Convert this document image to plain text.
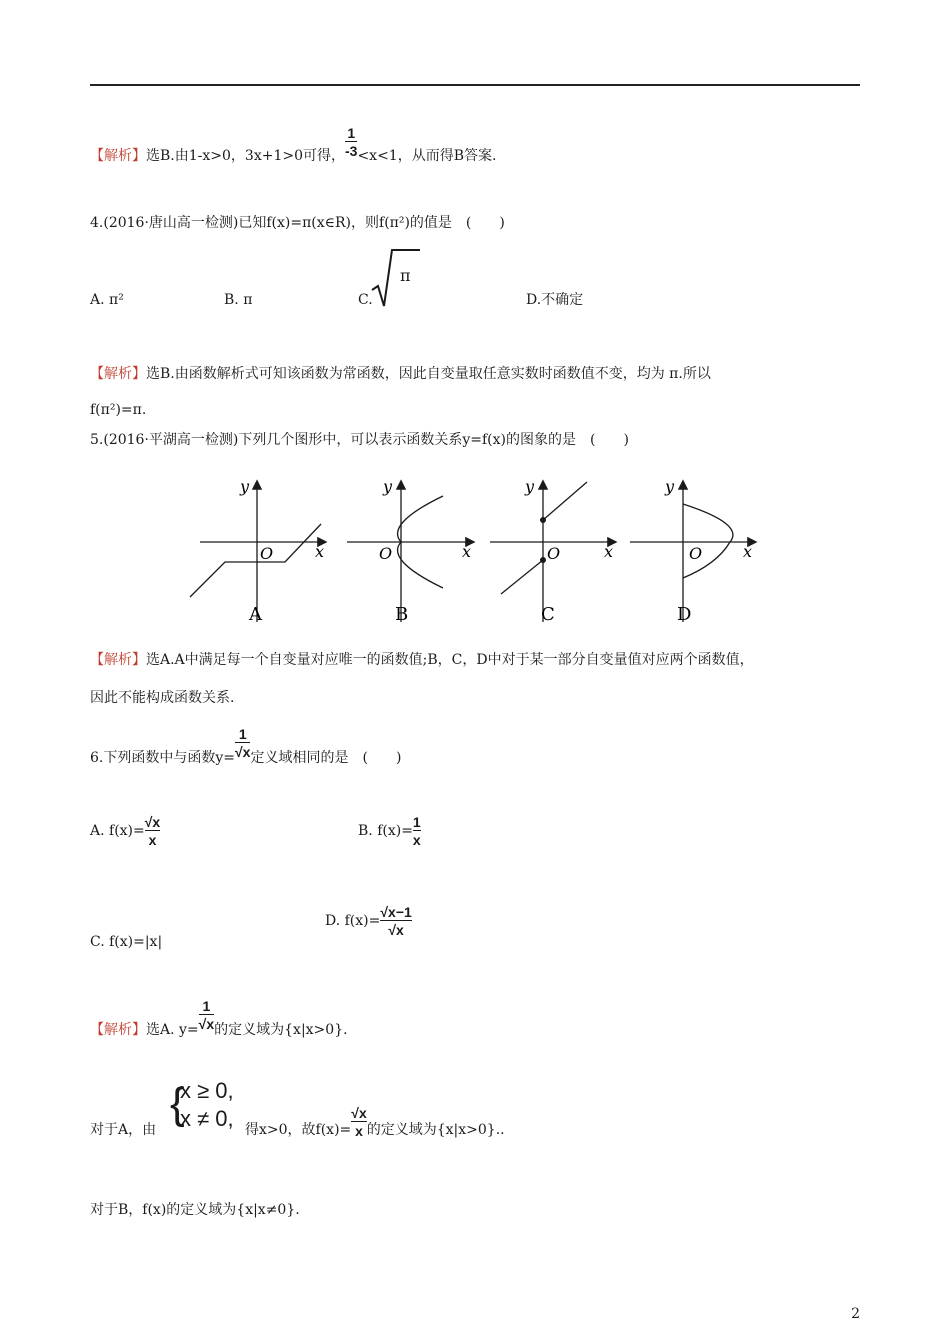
【解析】选B.由1-x>0，3x+1>0可得， $\frac{1}{-3} <x<1$，从而得B答案.
4.(2016·唐山高一检测)已知f(x)=π(x∈R)，则f(π²)的值是　(　　)
A. π²	B. π	C.
π
D.不确定
【解析】选B.由函数解析式可知该函数为常函数，因此自变量取任意实数时函数值不变，均为 π.所以
f(π²)=π.
5.(2016·平湖高一检测)下列几个图形中，可以表示函数关系y=f(x)的图象的是　(　　)
y
x
O
A
y
x
O
B
y
x
O
C
y
x
O
D
【解析】选A.A中满足每一个自变量对应唯一的函数值;B，C，D中对于某一部分自变量值对应两个函数值，
因此不能构成函数关系.
6.下列函数中与函数$y= \frac{1}{√x}$ 定义域相同的是　(　　)
A. $f(x)= \frac{√x}{x}$	B. $f(x)= \frac{1}{x}$
C. f(x)=|x|
D. $f(x)= \frac{√x-1}{√x}$
【解析】选A. $y= \frac{1}{√x}$ 的定义域为{x|x>0}.
对于A，由
{
x ≥ 0,
x ≠ 0, 得x>0，故$f(x)= \frac{√x}{x}$ 的定义域为{x|x>0}..
对于B，f(x)的定义域为{x|x≠0}.
2
